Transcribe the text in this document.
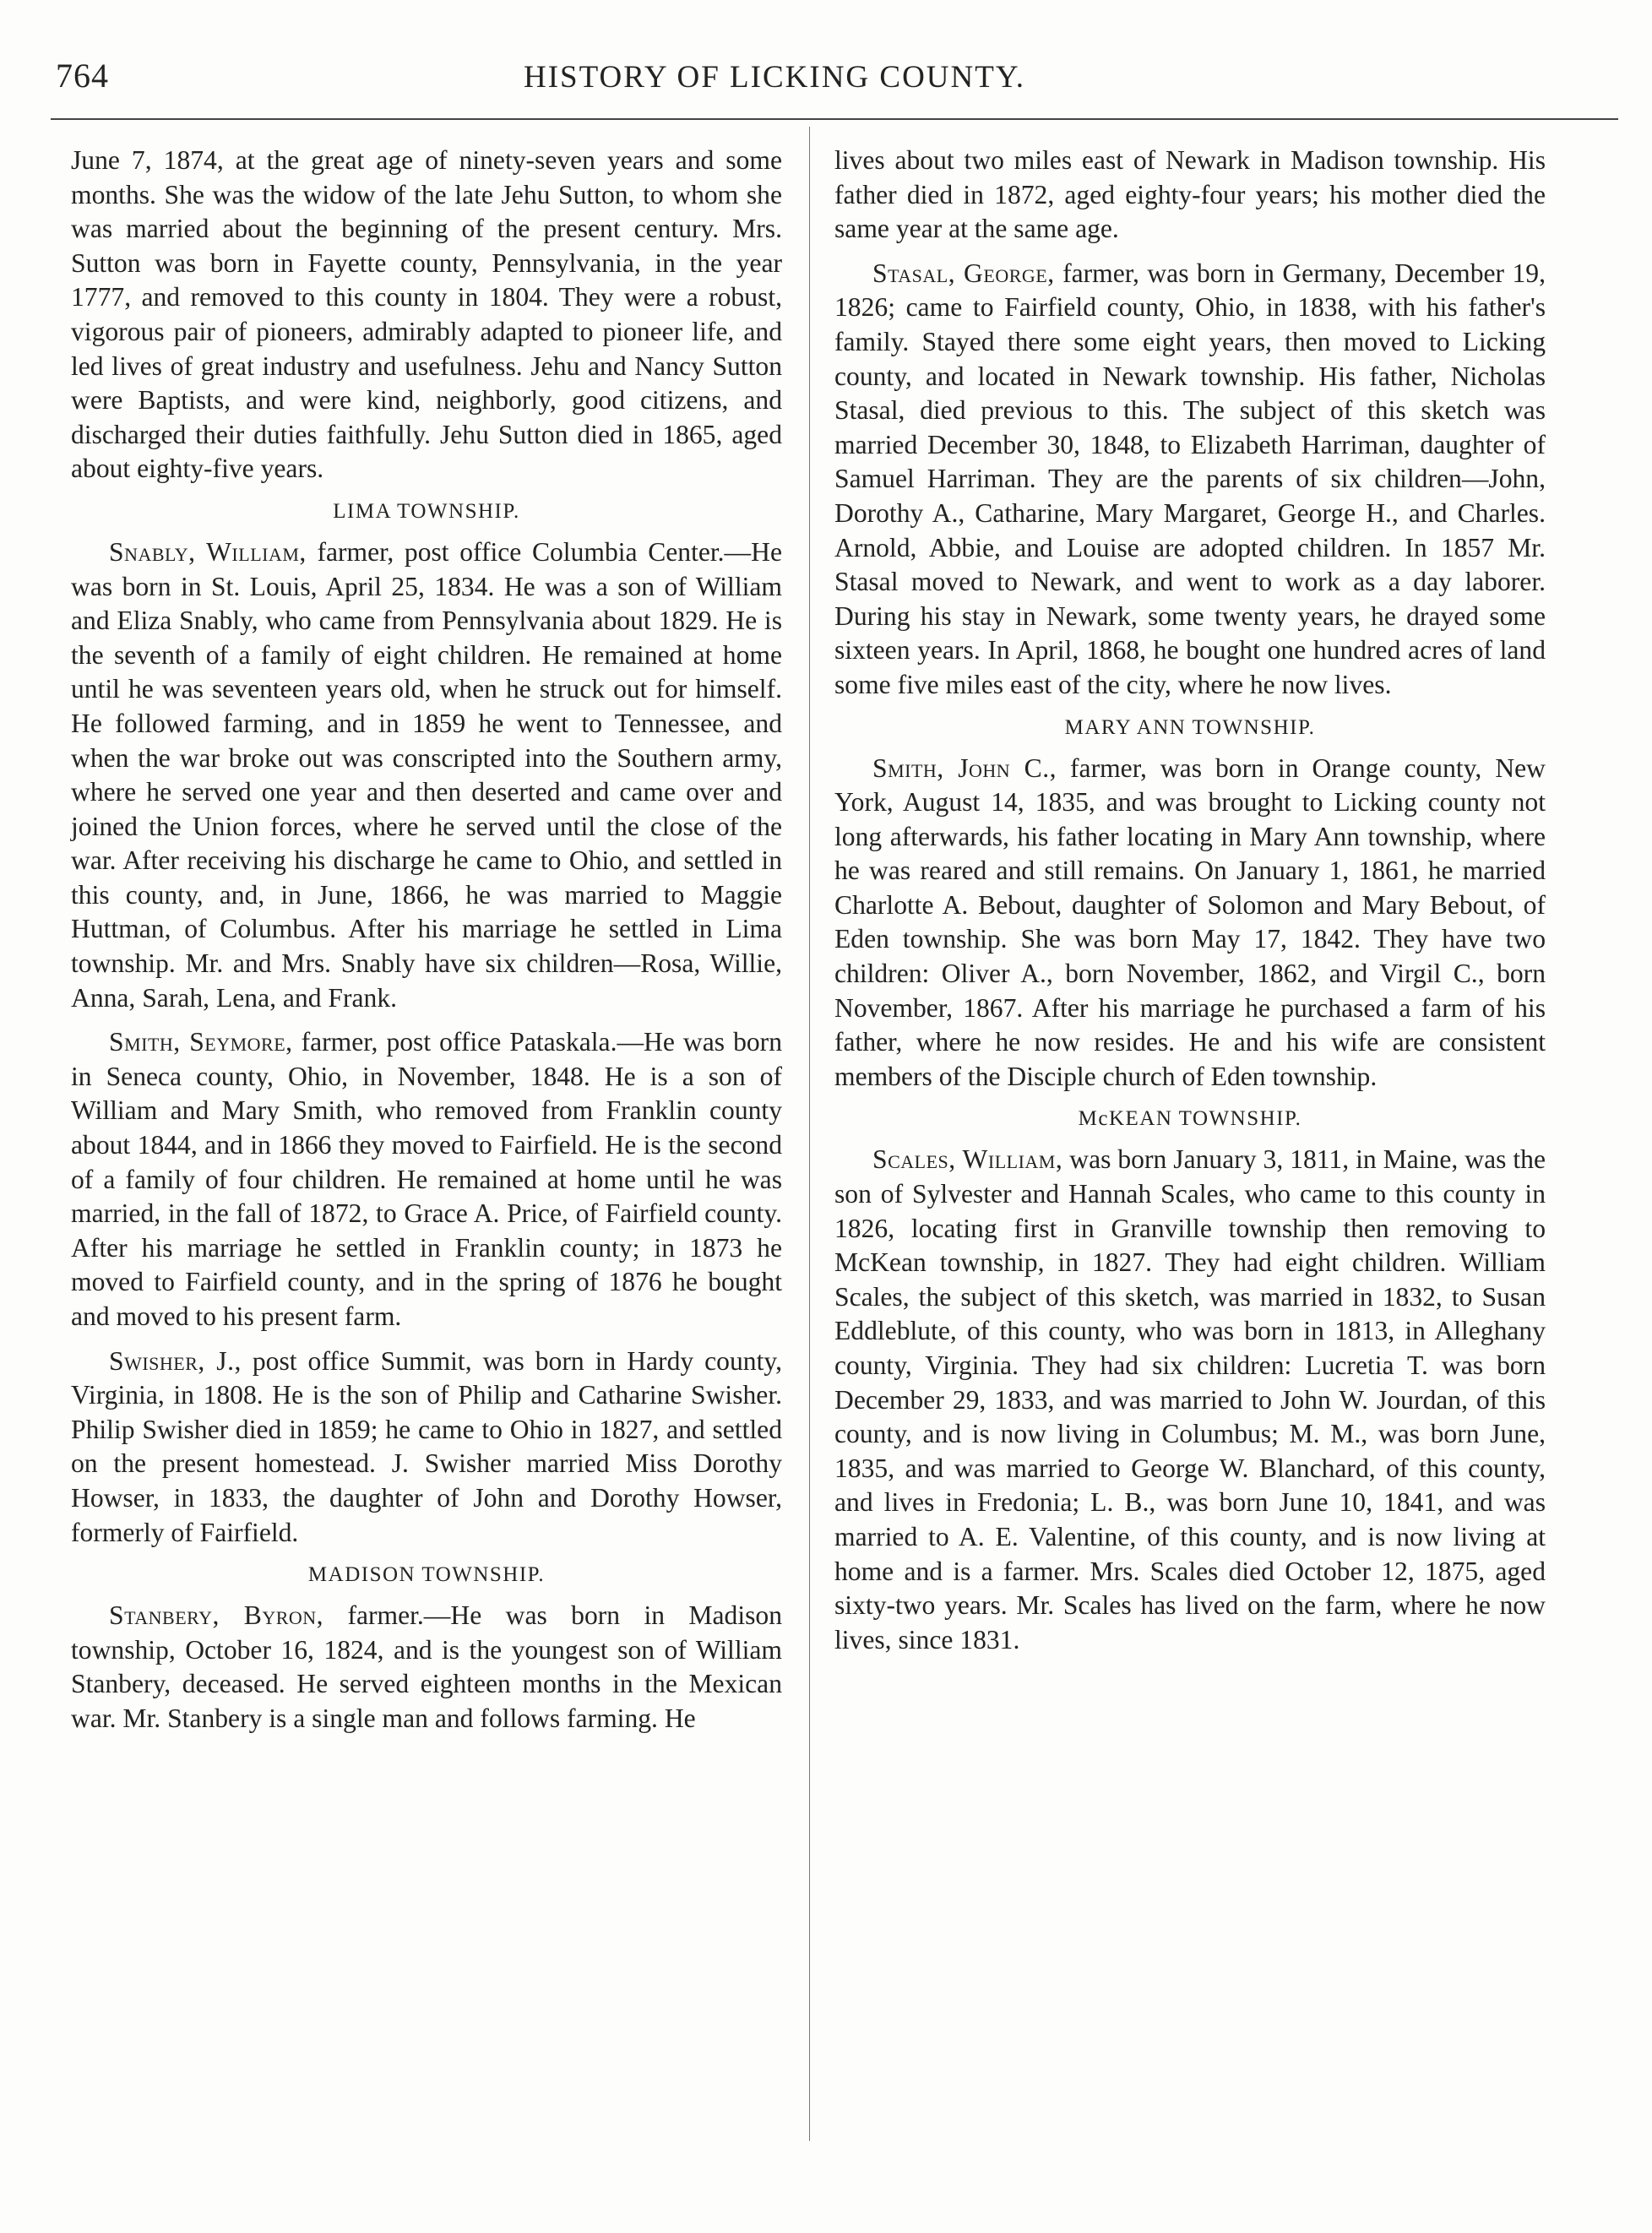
764	HISTORY OF LICKING COUNTY.

June 7, 1874, at the great age of ninety-seven years and some months. She was the widow of the late Jehu Sutton, to whom she was married about the beginning of the present century. Mrs. Sutton was born in Fayette county, Pennsylvania, in the year 1777, and removed to this county in 1804. They were a robust, vigorous pair of pioneers, admirably adapted to pioneer life, and led lives of great industry and usefulness. Jehu and Nancy Sutton were Baptists, and were kind, neighborly, good citizens, and discharged their duties faithfully. Jehu Sutton died in 1865, aged about eighty-five years.

LIMA TOWNSHIP.

Snably, William, farmer, post office Columbia Center.—He was born in St. Louis, April 25, 1834. He was a son of William and Eliza Snably, who came from Pennsylvania about 1829. He is the seventh of a family of eight children. He remained at home until he was seventeen years old, when he struck out for himself. He followed farming, and in 1859 he went to Tennessee, and when the war broke out was conscripted into the Southern army, where he served one year and then deserted and came over and joined the Union forces, where he served until the close of the war. After receiving his discharge he came to Ohio, and settled in this county, and, in June, 1866, he was married to Maggie Huttman, of Columbus. After his marriage he settled in Lima township. Mr. and Mrs. Snably have six children—Rosa, Willie, Anna, Sarah, Lena, and Frank.

Smith, Seymore, farmer, post office Pataskala.—He was born in Seneca county, Ohio, in November, 1848. He is a son of William and Mary Smith, who removed from Franklin county about 1844, and in 1866 they moved to Fairfield. He is the second of a family of four children. He remained at home until he was married, in the fall of 1872, to Grace A. Price, of Fairfield county. After his marriage he settled in Franklin county; in 1873 he moved to Fairfield county, and in the spring of 1876 he bought and moved to his present farm.

Swisher, J., post office Summit, was born in Hardy county, Virginia, in 1808. He is the son of Philip and Catharine Swisher. Philip Swisher died in 1859; he came to Ohio in 1827, and settled on the present homestead. J. Swisher married Miss Dorothy Howser, in 1833, the daughter of John and Dorothy Howser, formerly of Fairfield.

MADISON TOWNSHIP.

Stanbery, Byron, farmer.—He was born in Madison township, October 16, 1824, and is the youngest son of William Stanbery, deceased. He served eighteen months in the Mexican war. Mr. Stanbery is a single man and follows farming. He

lives about two miles east of Newark in Madison township. His father died in 1872, aged eighty-four years; his mother died the same year at the same age.

Stasal, George, farmer, was born in Germany, December 19, 1826; came to Fairfield county, Ohio, in 1838, with his father's family. Stayed there some eight years, then moved to Licking county, and located in Newark township. His father, Nicholas Stasal, died previous to this. The subject of this sketch was married December 30, 1848, to Elizabeth Harriman, daughter of Samuel Harriman. They are the parents of six children—John, Dorothy A., Catharine, Mary Margaret, George H., and Charles. Arnold, Abbie, and Louise are adopted children. In 1857 Mr. Stasal moved to Newark, and went to work as a day laborer. During his stay in Newark, some twenty years, he drayed some sixteen years. In April, 1868, he bought one hundred acres of land some five miles east of the city, where he now lives.

MARY ANN TOWNSHIP.

Smith, John C., farmer, was born in Orange county, New York, August 14, 1835, and was brought to Licking county not long afterwards, his father locating in Mary Ann township, where he was reared and still remains. On January 1, 1861, he married Charlotte A. Bebout, daughter of Solomon and Mary Bebout, of Eden township. She was born May 17, 1842. They have two children: Oliver A., born November, 1862, and Virgil C., born November, 1867. After his marriage he purchased a farm of his father, where he now resides. He and his wife are consistent members of the Disciple church of Eden township.

McKEAN TOWNSHIP.

Scales, William, was born January 3, 1811, in Maine, was the son of Sylvester and Hannah Scales, who came to this county in 1826, locating first in Granville township then removing to McKean township, in 1827. They had eight children. William Scales, the subject of this sketch, was married in 1832, to Susan Eddleblute, of this county, who was born in 1813, in Alleghany county, Virginia. They had six children: Lucretia T. was born December 29, 1833, and was married to John W. Jourdan, of this county, and is now living in Columbus; M. M., was born June, 1835, and was married to George W. Blanchard, of this county, and lives in Fredonia; L. B., was born June 10, 1841, and was married to A. E. Valentine, of this county, and is now living at home and is a farmer. Mrs. Scales died October 12, 1875, aged sixty-two years. Mr. Scales has lived on the farm, where he now lives, since 1831.
